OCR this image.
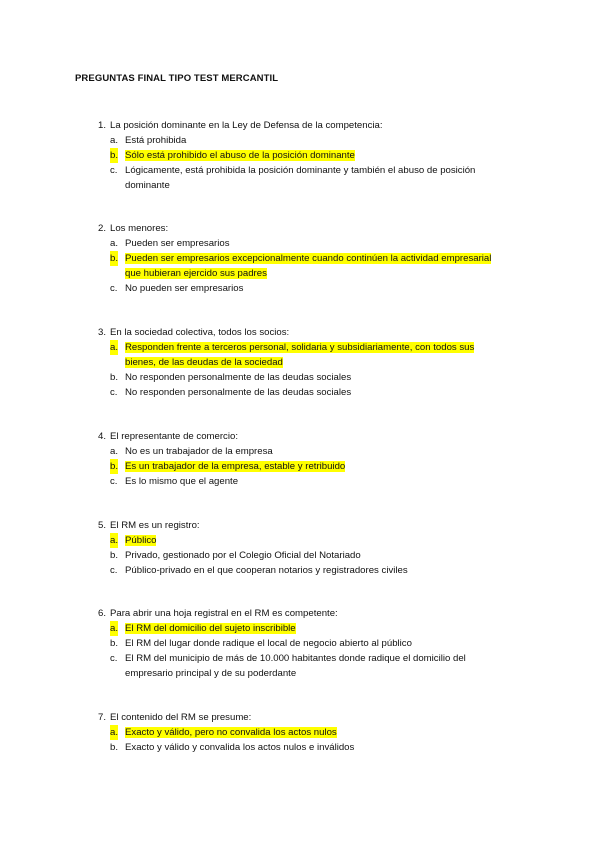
PREGUNTAS FINAL TIPO TEST MERCANTIL
1. La posición dominante en la Ley de Defensa de la competencia:
a. Está prohibida
b. Sólo está prohibido el abuso de la posición dominante
c. Lógicamente, está prohibida la posición dominante y también el abuso de posición
dominante
2. Los menores:
a. Pueden ser empresarios
b. Pueden ser empresarios excepcionalmente cuando continúen la actividad empresarial
que hubieran ejercido sus padres
c. No pueden ser empresarios
3. En la sociedad colectiva, todos los socios:
a. Responden frente a terceros personal, solidaria y subsidiariamente, con todos sus
bienes, de las deudas de la sociedad
b. No responden personalmente de las deudas sociales
c. No responden personalmente de las deudas sociales
4. El representante de comercio:
a. No es un trabajador de la empresa
b. Es un trabajador de la empresa, estable y retribuido
c. Es lo mismo que el agente
5. El RM es un registro:
a. Público
b. Privado, gestionado por el Colegio Oficial del Notariado
c. Público-privado en el que cooperan notarios y registradores civiles
6. Para abrir una hoja registral en el RM es competente:
a. El RM del domicilio del sujeto inscribible
b. El RM del lugar donde radique el local de negocio abierto al público
c. El RM del municipio de más de 10.000 habitantes donde radique el domicilio del
empresario principal y de su poderdante
7. El contenido del RM se presume:
a. Exacto y válido, pero no convalida los actos nulos
b. Exacto y válido y convalida los actos nulos e inválidos
